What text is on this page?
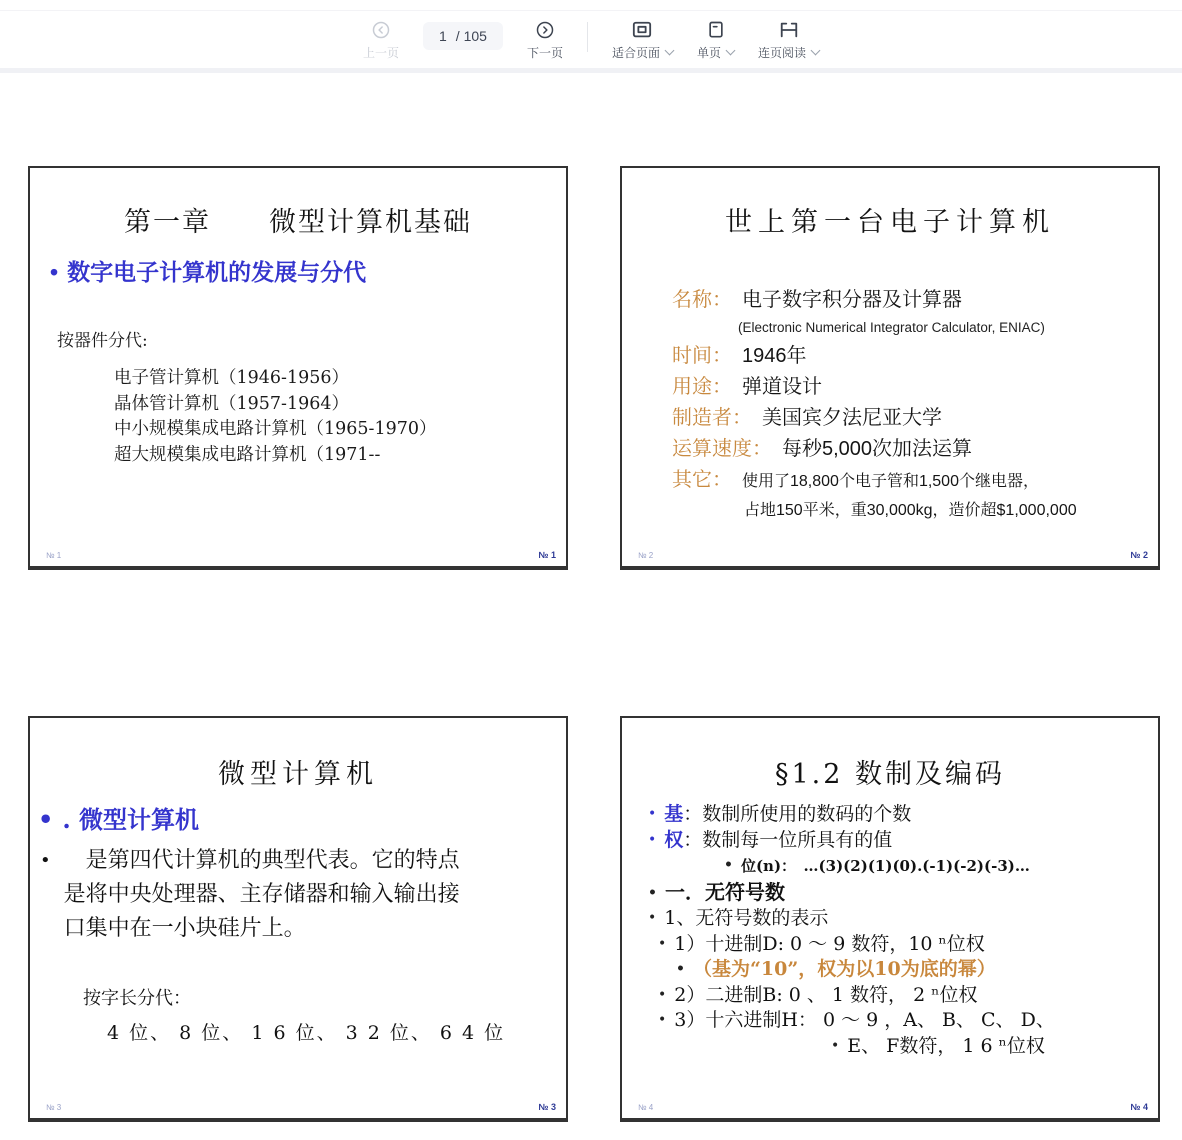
上一页
1 / 105
下一页	适合页面	单页	连页阅读
第一章　　微型计算机基础
• 数字电子计算机的发展与分代
按器件分代:
电子管计算机（1946-1956）
晶体管计算机（1957-1964）
中小规模集成电路计算机（1965-1970）
超大规模集成电路计算机（1971--
№ 1	№ 1
世上第一台电子计算机
名称： 电子数字积分器及计算器
(Electronic Numerical Integrator Calculator, ENIAC)
时间： 1946年
用途： 弹道设计
制造者： 美国宾夕法尼亚大学
运算速度： 每秒5,000次加法运算
其它： 使用了18,800个电子管和1,500个继电器，
占地150平米，重30,000kg，造价超$1,000,000
№ 2	№ 2
微型计算机
• . 微型计算机
• 　是第四代计算机的典型代表。它的特点
是将中央处理器、主存储器和输入输出接
口集中在一小块硅片上。
按字长分代：
4 位、 8 位、 1 6 位、 3 2 位、 6 4 位
№ 3	№ 3
§1.2 数制及编码
• 基：数制所使用的数码的个数
• 权：数制每一位所具有的值
• 位(n)：　…(3)(2)(1)(0).(-1)(-2)(-3)…
• 一．无符号数
• 1、无符号数的表示
• 1）十进制D: 0 ～ 9 数符，10 ⁿ位权
• （基为“10”，权为以10为底的幂）
• 2）二进制B: 0 、 1 数符， 2 ⁿ位权
• 3）十六进制H： 0 ～ 9 ，A、 B、 C、 D、
• E、 F数符， 1 6 ⁿ位权
№ 4	№ 4
